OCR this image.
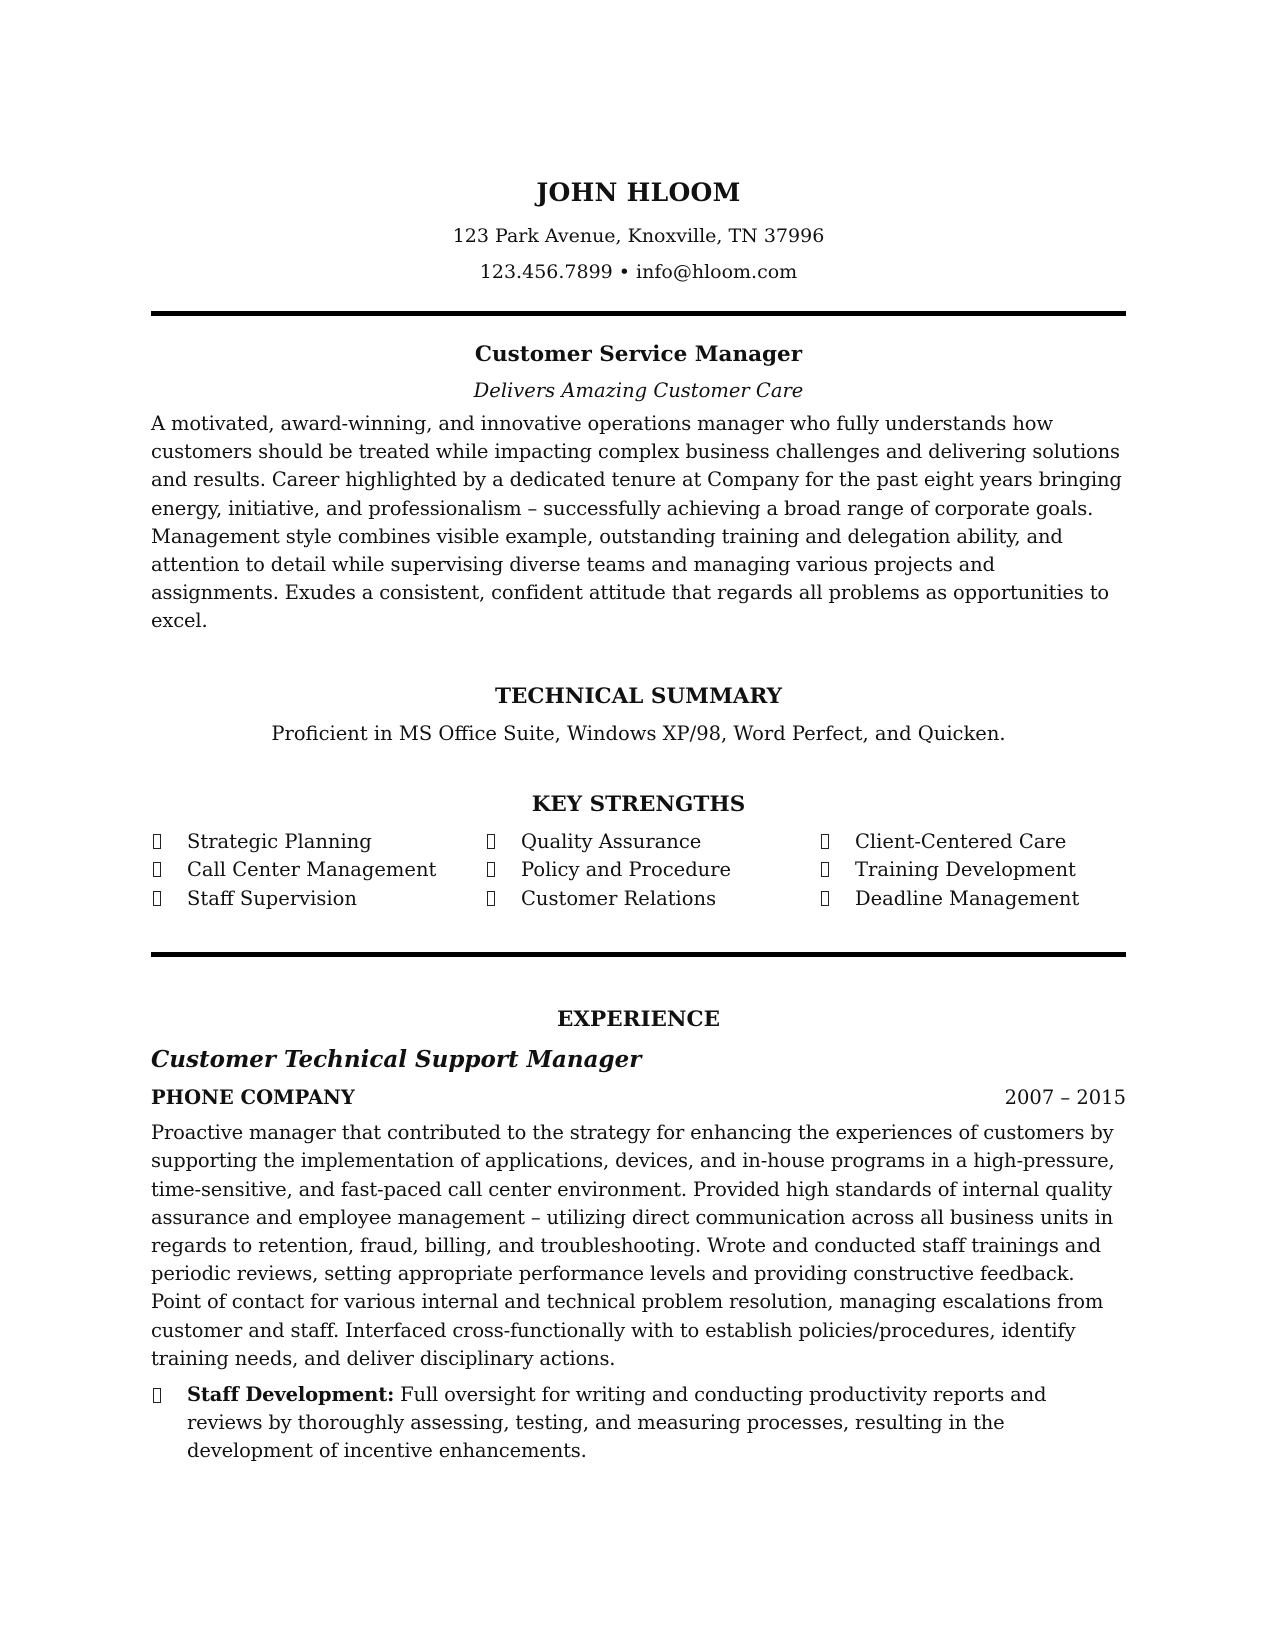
JOHN HLOOM

123 Park Avenue, Knoxville, TN 37996

123.456.7899 • info@hloom.com

Customer Service Manager

Delivers Amazing Customer Care

A motivated, award-winning, and innovative operations manager who fully understands how customers should be treated while impacting complex business challenges and delivering solutions and results. Career highlighted by a dedicated tenure at Company for the past eight years bringing energy, initiative, and professionalism – successfully achieving a broad range of corporate goals. Management style combines visible example, outstanding training and delegation ability, and attention to detail while supervising diverse teams and managing various projects and assignments. Exudes a consistent, confident attitude that regards all problems as opportunities to excel.

TECHNICAL SUMMARY

Proficient in MS Office Suite, Windows XP/98, Word Perfect, and Quicken.

KEY STRENGTHS

Strategic Planning	Quality Assurance	Client-Centered Care
Call Center Management	Policy and Procedure	Training Development
Staff Supervision	Customer Relations	Deadline Management

EXPERIENCE

Customer Technical Support Manager

PHONE COMPANY	2007 – 2015

Proactive manager that contributed to the strategy for enhancing the experiences of customers by supporting the implementation of applications, devices, and in-house programs in a high-pressure, time-sensitive, and fast-paced call center environment. Provided high standards of internal quality assurance and employee management – utilizing direct communication across all business units in regards to retention, fraud, billing, and troubleshooting. Wrote and conducted staff trainings and periodic reviews, setting appropriate performance levels and providing constructive feedback. Point of contact for various internal and technical problem resolution, managing escalations from customer and staff. Interfaced cross-functionally with to establish policies/procedures, identify training needs, and deliver disciplinary actions.

Staff Development: Full oversight for writing and conducting productivity reports and reviews by thoroughly assessing, testing, and measuring processes, resulting in the development of incentive enhancements.
